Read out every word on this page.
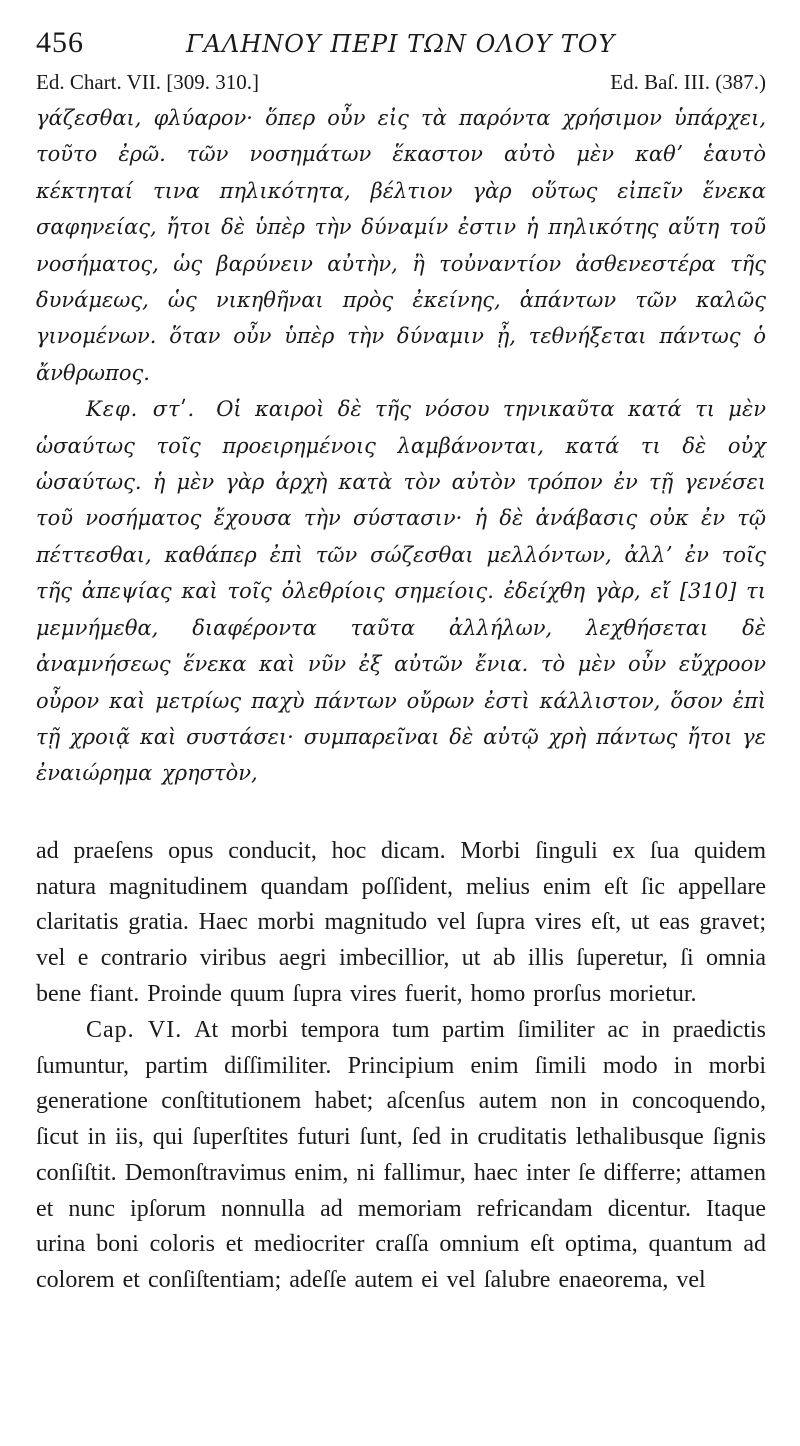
456	ΓΑΛΗΝΟΥ ΠΕΡΙ ΤΩΝ ΟΛΟΥ ΤΟΥ
Ed. Chart. VII. [309. 310.]	Ed. Baſ. III. (387.)

γάζεσθαι, φλύαρον· ὅπερ οὖν εἰς τὰ παρόντα χρήσιμον ὑπάρχει, τοῦτο ἐρῶ. τῶν νοσημάτων ἕκαστον αὐτὸ μὲν καθʼ ἑαυτὸ κέκτηταί τινα πηλικότητα, βέλτιον γὰρ οὕτως εἰπεῖν ἕνεκα σαφηνείας, ἤτοι δὲ ὑπὲρ τὴν δύναμίν ἐστιν ἡ πηλικότης αὕτη τοῦ νοσήματος, ὡς βαρύνειν αὐτὴν, ἢ τοὐναντίον ἀσθενεστέρα τῆς δυνάμεως, ὡς νικηθῆναι πρὸς ἐκείνης, ἁπάντων τῶν καλῶς γινομένων. ὅταν οὖν ὑπὲρ τὴν δύναμιν ᾖ, τεθνήξεται πάντως ὁ ἄνθρωπος.

Κεφ. στʹ.  Οἱ καιροὶ δὲ τῆς νόσου τηνικαῦτα κατά τι μὲν ὡσαύτως τοῖς προειρημένοις λαμβάνονται, κατά τι δὲ οὐχ ὡσαύτως. ἡ μὲν γὰρ ἀρχὴ κατὰ τὸν αὐτὸν τρόπον ἐν τῇ γενέσει τοῦ νοσήματος ἔχουσα τὴν σύστασιν· ἡ δὲ ἀνάβασις οὐκ ἐν τῷ πέττεσθαι, καθάπερ ἐπὶ τῶν σώζεσθαι μελλόντων, ἀλλʼ ἐν τοῖς τῆς ἀπεψίας καὶ τοῖς ὀλεθρίοις σημείοις. ἐδείχθη γὰρ, εἴ [310] τι μεμνήμεθα, διαφέροντα ταῦτα ἀλλήλων, λεχθήσεται δὲ ἀναμνήσεως ἕνεκα καὶ νῦν ἐξ αὐτῶν ἔνια. τὸ μὲν οὖν εὔχροον οὖρον καὶ μετρίως παχὺ πάντων οὔρων ἐστὶ κάλλιστον, ὅσον ἐπὶ τῇ χροιᾷ καὶ συστάσει· συμπαρεῖναι δὲ αὐτῷ χρὴ πάντως ἤτοι γε ἐναιώρημα χρηστὸν,

ad praeſens opus conducit, hoc dicam. Morbi ſinguli ex ſua quidem natura magnitudinem quandam poſſident, melius enim eſt ſic appellare claritatis gratia. Haec morbi magnitudo vel ſupra vires eſt, ut eas gravet; vel e contrario viribus aegri imbecillior, ut ab illis ſuperetur, ſi omnia bene fiant. Proinde quum ſupra vires fuerit, homo prorſus morietur.

Cap. VI.  At morbi tempora tum partim ſimiliter ac in praedictis ſumuntur, partim diſſimiliter. Principium enim ſimili modo in morbi generatione conſtitutionem habet; aſcenſus autem non in concoquendo, ſicut in iis, qui ſuperſtites futuri ſunt, ſed in cruditatis lethalibusque ſignis conſiſtit. Demonſtravimus enim, ni fallimur, haec inter ſe differre; attamen et nunc ipſorum nonnulla ad memoriam refricandam dicentur. Itaque urina boni coloris et mediocriter craſſa omnium eſt optima, quantum ad colorem et conſiſtentiam; adeſſe autem ei vel ſalubre enaeorema, vel
